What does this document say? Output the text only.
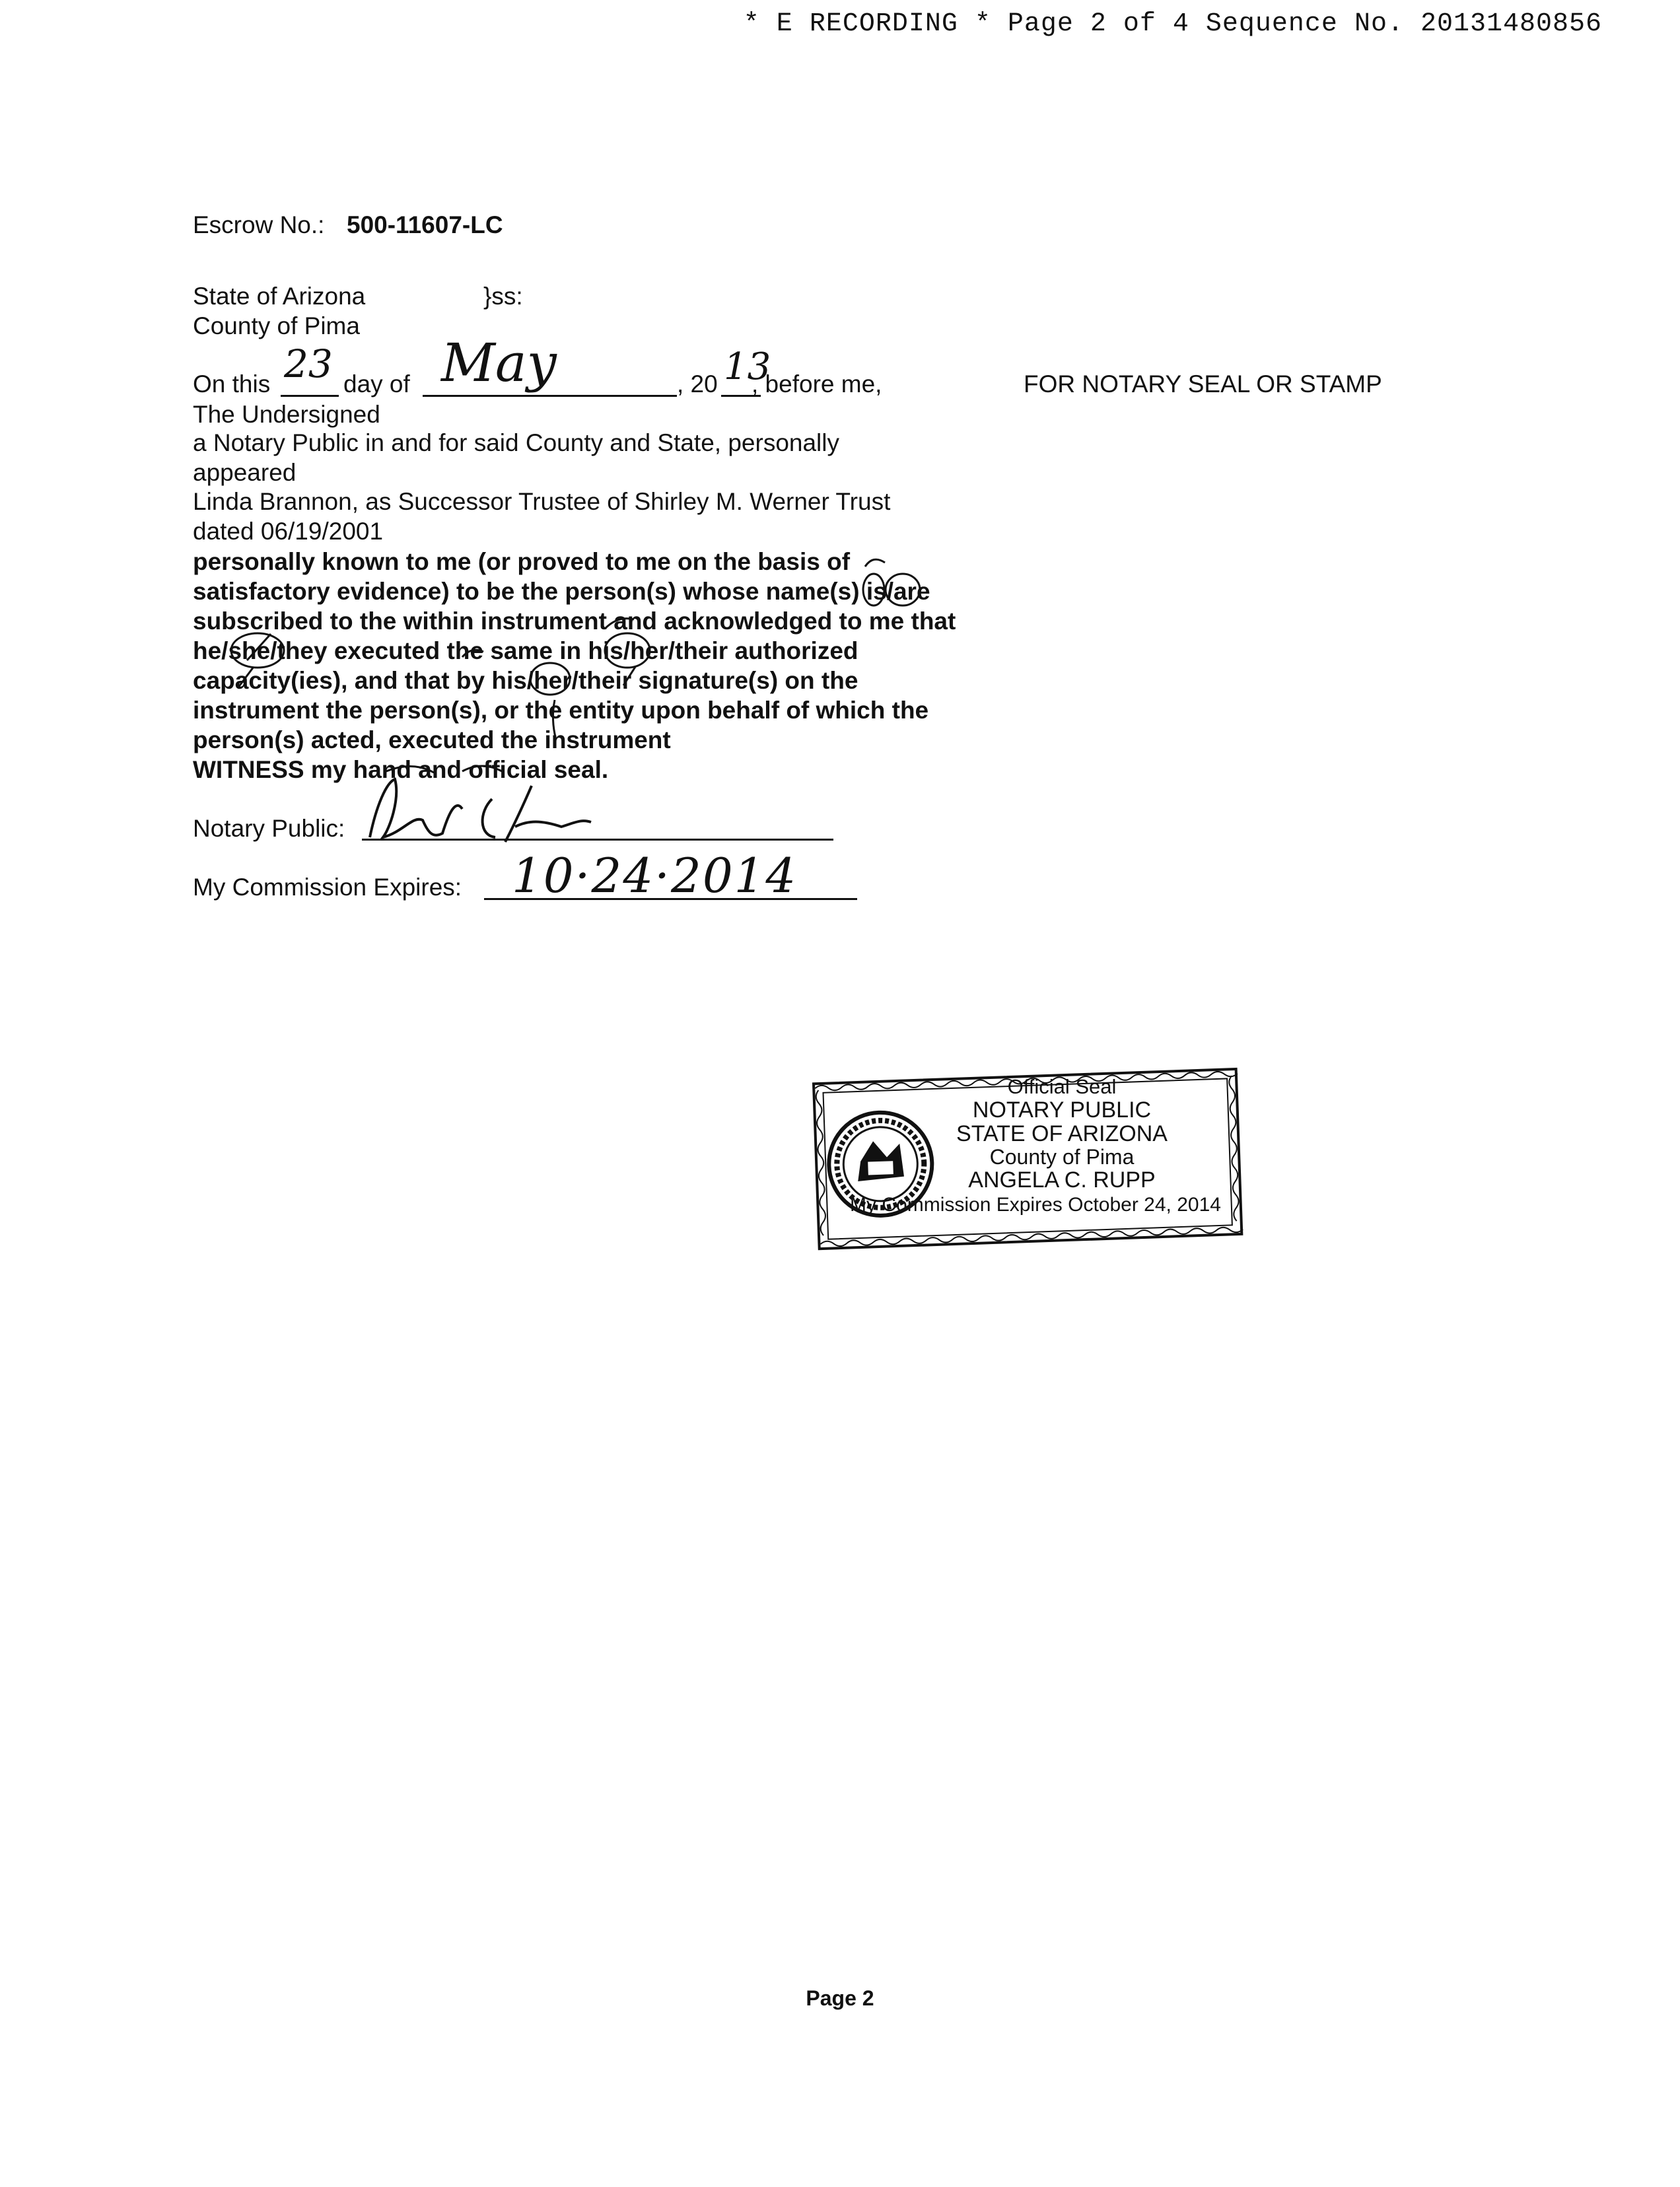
* E RECORDING * Page 2 of 4 Sequence No. 20131480856
Escrow No.: 500-11607-LC
State of Arizona	}ss:
County of Pima
On this 23 day of May	, 20 13
, before me,	FOR NOTARY SEAL OR STAMP
The Undersigned
a Notary Public in and for said County and State, personally
appeared
Linda Brannon, as Successor Trustee of Shirley M. Werner Trust
dated 06/19/2001
personally known to me (or proved to me on the basis of
satisfactory evidence) to be the person(s) whose name(s) is/are
subscribed to the within instrument and acknowledged to me that
he/she/they executed the same in his/her/their authorized
capacity(ies), and that by his/her/their signature(s) on the
instrument the person(s), or the entity upon behalf of which the
person(s) acted, executed the instrument
WITNESS my hand and official seal.
Notary Public:
My Commission Expires: 10·24·2014
Official Seal
NOTARY PUBLIC
STATE OF ARIZONA
County of Pima
ANGELA C. RUPP
My Commission Expires October 24, 2014
Page 2
